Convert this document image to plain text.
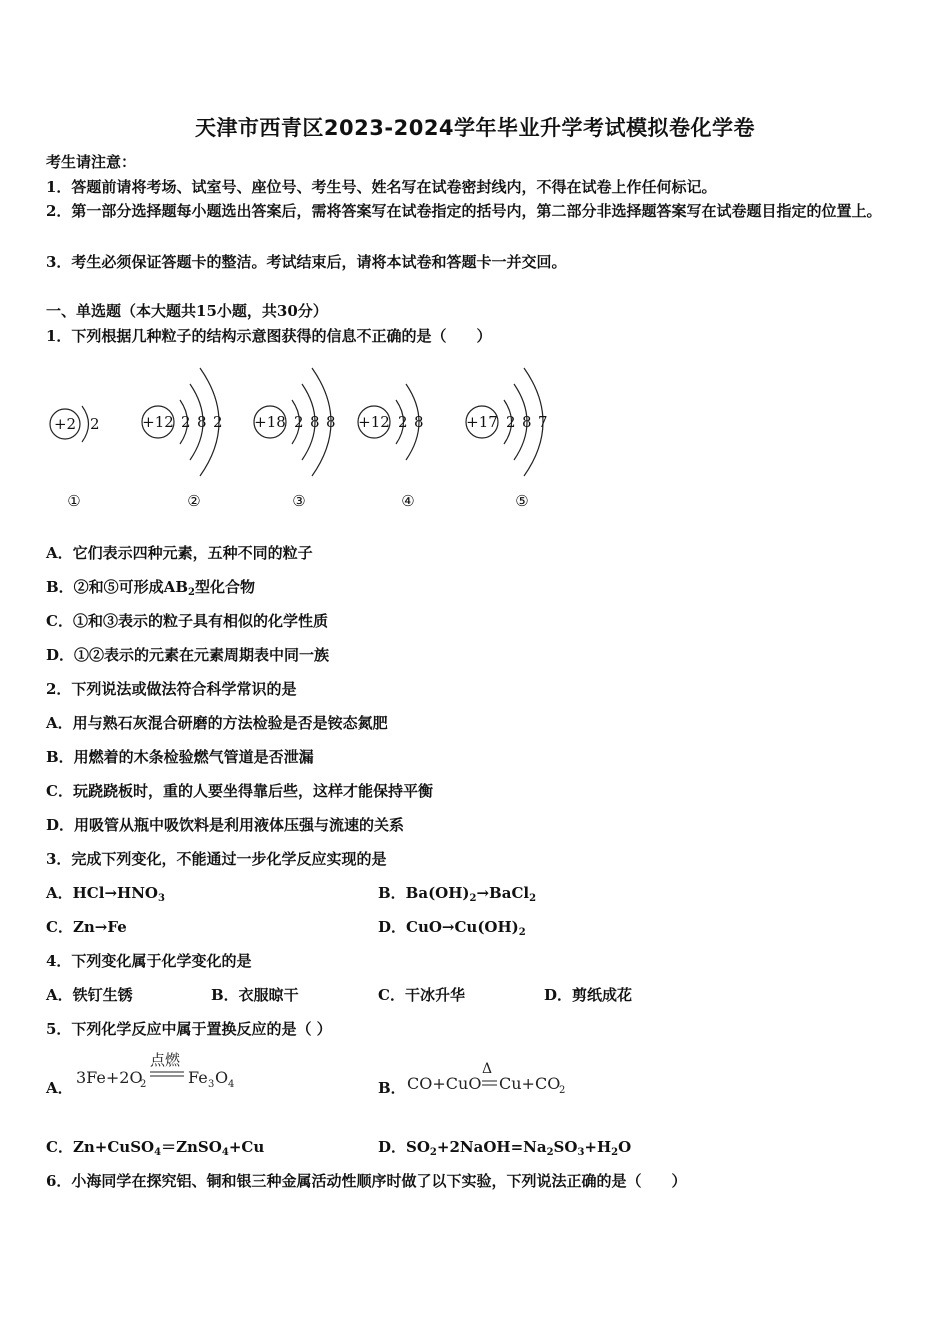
天津市西青区2023-2024学年毕业升学考试模拟卷化学卷
考生请注意：
1．答题前请将考场、试室号、座位号、考生号、姓名写在试卷密封线内，不得在试卷上作任何标记。
2．第一部分选择题每小题选出答案后，需将答案写在试卷指定的括号内，第二部分非选择题答案写在试卷题目指定的位置上。
3．考生必须保证答题卡的整洁。考试结束后，请将本试卷和答题卡一并交回。
一、单选题（本大题共15小题，共30分）
1．下列根据几种粒子的结构示意图获得的信息不正确的是（　　）
+2 2	+12 2 8 2 +18 2 8 8 +12 2 8	+17 2 8 7
①	②	③	④	⑤
A．它们表示四种元素，五种不同的粒子
B．②和⑤可形成$AB_2$型化合物
C．①和③表示的粒子具有相似的化学性质
D．①②表示的元素在元素周期表中同一族
2．下列说法或做法符合科学常识的是
A．用与熟石灰混合研磨的方法检验是否是铵态氮肥
B．用燃着的木条检验燃气管道是否泄漏
C．玩跷跷板时，重的人要坐得靠后些，这样才能保持平衡
D．用吸管从瓶中吸饮料是利用液体压强与流速的关系
3．完成下列变化，不能通过一步化学反应实现的是
A．$HCl\to HNO_3$	B．$Ba(OH)_2\to BaCl_2$
C．Zn→Fe	D．$CuO\to Cu(OH)_2$
4．下列变化属于化学变化的是
A．铁钉生锈	B．衣服晾干	C．干冰升华	D．剪纸成花
5．下列化学反应中属于置换反应的是（ ）
A．
3Fe+2O
2
点燃
Fe 3 O 4	B． CO+CuO
Δ
Cu+CO
2
C．Zn+CuSO$_4$＝ZnSO$_4$+Cu	D．$SO_2+2NaOH=Na_2SO_3+H_2O$
6．小海同学在探究铝、铜和银三种金属活动性顺序时做了以下实验，下列说法正确的是（　　）
